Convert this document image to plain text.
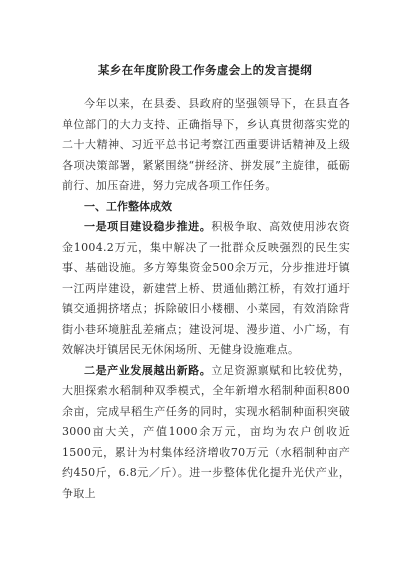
某乡在年度阶段工作务虚会上的发言提纲

今年以来，在县委、县政府的坚强领导下，在县直各单位部门的大力支持、正确指导下，乡认真贯彻落实党的二十大精神、习近平总书记考察江西重要讲话精神及上级各项决策部署，紧紧围绕“拼经济、拼发展”主旋律，砥砺前行、加压奋进，努力完成各项工作任务。

一、工作整体成效

一是项目建设稳步推进。积极争取、高效使用涉农资金1004.2万元，集中解决了一批群众反映强烈的民生实事、基础设施。多方筹集资金500余万元，分步推进圩镇一江两岸建设，新建营上桥、贯通仙鹅江桥，有效打通圩镇交通拥挤堵点；拆除破旧小楼棚、小菜园，有效消除背街小巷环境脏乱差痛点；建设河堤、漫步道、小广场，有效解决圩镇居民无休闲场所、无健身设施难点。

二是产业发展越出新路。立足资源禀赋和比较优势，大胆探索水稻制种双季模式，全年新增水稻制种面积800余亩，完成早稻生产任务的同时，实现水稻制种面积突破3000亩大关，产值1000余万元，亩均为农户创收近1500元，累计为村集体经济增收70万元（水稻制种亩产约450斤，6.8元／斤）。进一步整体优化提升光伏产业，争取上
